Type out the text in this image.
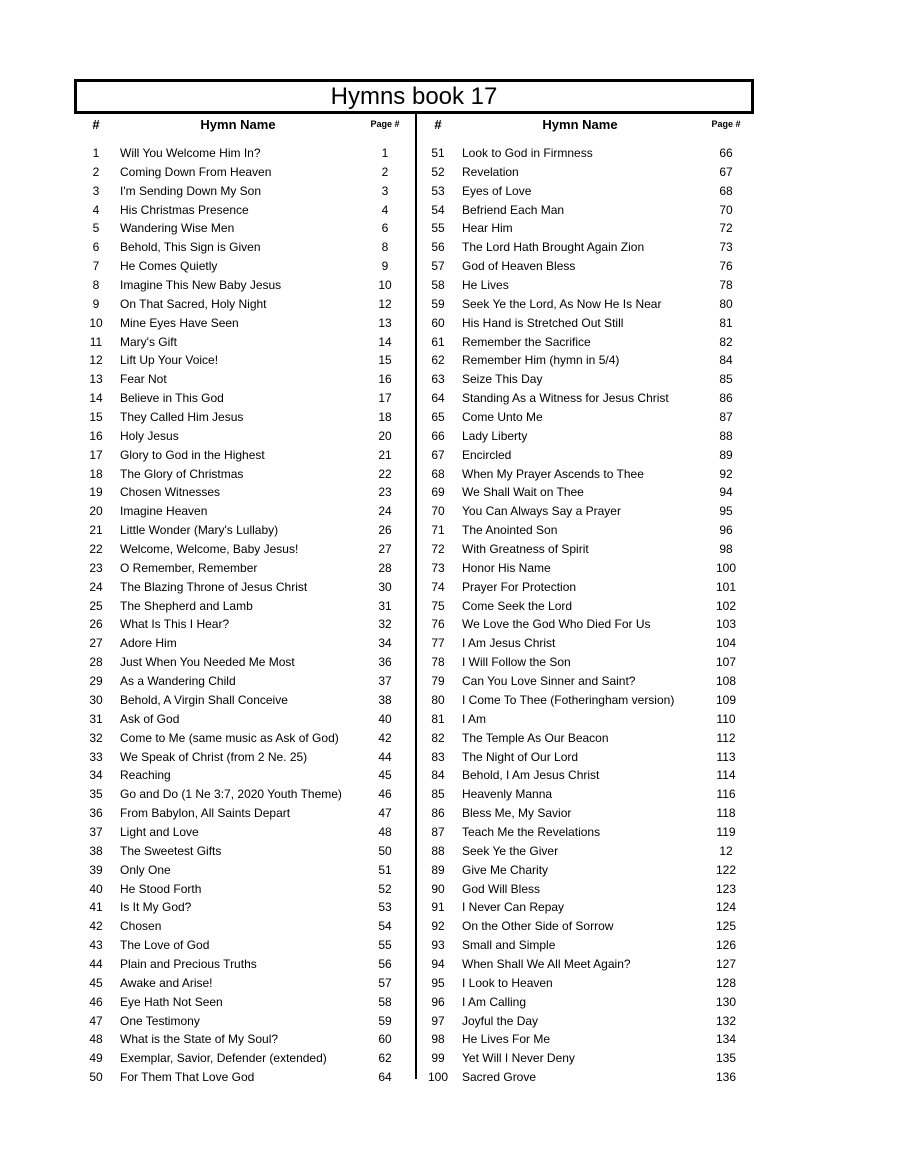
Hymns book 17
#	Hymn Name	Page #
1	Will You Welcome Him In?	1
2	Coming Down From Heaven	2
3	I'm Sending Down My Son	3
4	His Christmas Presence	4
5	Wandering Wise Men	6
6	Behold, This Sign is Given	8
7	He Comes Quietly	9
8	Imagine This New Baby Jesus	10
9	On That Sacred, Holy Night	12
10	Mine Eyes Have Seen	13
11	Mary's Gift	14
12	Lift Up Your Voice!	15
13	Fear Not	16
14	Believe in This God	17
15	They Called Him Jesus	18
16	Holy Jesus	20
17	Glory to God in the Highest	21
18	The Glory of Christmas	22
19	Chosen Witnesses	23
20	Imagine Heaven	24
21	Little Wonder (Mary's Lullaby)	26
22	Welcome, Welcome, Baby Jesus!	27
23	O Remember, Remember	28
24	The Blazing Throne of Jesus Christ	30
25	The Shepherd and Lamb	31
26	What Is This I Hear?	32
27	Adore Him	34
28	Just When You Needed Me Most	36
29	As a Wandering Child	37
30	Behold, A Virgin Shall Conceive	38
31	Ask of God	40
32	Come to Me (same music as Ask of God)	42
33	We Speak of Christ (from 2 Ne. 25)	44
34	Reaching	45
35	Go and Do (1 Ne 3:7, 2020 Youth Theme)	46
36	From Babylon, All Saints Depart	47
37	Light and Love	48
38	The Sweetest Gifts	50
39	Only One	51
40	He Stood Forth	52
41	Is It My God?	53
42	Chosen	54
43	The Love of God	55
44	Plain and Precious Truths	56
45	Awake and Arise!	57
46	Eye Hath Not Seen	58
47	One Testimony	59
48	What is the State of My Soul?	60
49	Exemplar, Savior, Defender (extended)	62
50	For Them That Love God	64
#	Hymn Name	Page #
51	Look to God in Firmness	66
52	Revelation	67
53	Eyes of Love	68
54	Befriend Each Man	70
55	Hear Him	72
56	The Lord Hath Brought Again Zion	73
57	God of Heaven Bless	76
58	He Lives	78
59	Seek Ye the Lord, As Now He Is Near	80
60	His Hand is Stretched Out Still	81
61	Remember the Sacrifice	82
62	Remember Him (hymn in 5/4)	84
63	Seize This Day	85
64	Standing As a Witness for Jesus Christ	86
65	Come Unto Me	87
66	Lady Liberty	88
67	Encircled	89
68	When My Prayer Ascends to Thee	92
69	We Shall Wait on Thee	94
70	You Can Always Say a Prayer	95
71	The Anointed Son	96
72	With Greatness of Spirit	98
73	Honor His Name	100
74	Prayer For Protection	101
75	Come Seek the Lord	102
76	We Love the God Who Died For Us	103
77	I Am Jesus Christ	104
78	I Will Follow the Son	107
79	Can You Love Sinner and Saint?	108
80	I Come To Thee (Fotheringham version)	109
81	I Am	110
82	The Temple As Our Beacon	112
83	The Night of Our Lord	113
84	Behold, I Am Jesus Christ	114
85	Heavenly Manna	116
86	Bless Me, My Savior	118
87	Teach Me the Revelations	119
88	Seek Ye the Giver	12
89	Give Me Charity	122
90	God Will Bless	123
91	I Never Can Repay	124
92	On the Other Side of Sorrow	125
93	Small and Simple	126
94	When Shall We All Meet Again?	127
95	I Look to Heaven	128
96	I Am Calling	130
97	Joyful the Day	132
98	He Lives For Me	134
99	Yet Will I Never Deny	135
100	Sacred Grove	136
